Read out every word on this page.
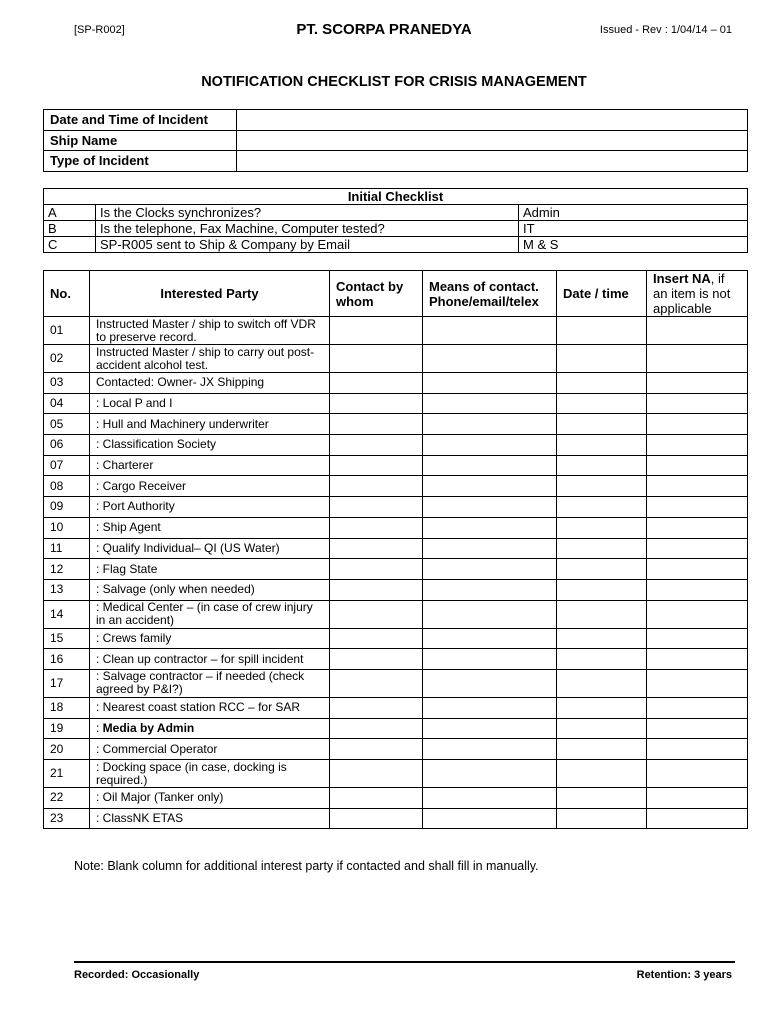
[SP-R002]	PT. SCORPA PRANEDYA	Issued - Rev : 1/04/14 – 01
NOTIFICATION CHECKLIST FOR CRISIS MANAGEMENT
Date and Time of Incident	
Ship Name	
Type of Incident	
Initial Checklist		
A	Is the Clocks synchronizes?	Admin
B	Is the telephone, Fax Machine, Computer tested?	IT
C	SP-R005 sent to Ship & Company by Email	M & S
No.	Interested Party	Contact by whom	Means of contact. Phone/email/telex	Date / time	Insert NA, if an item is not applicable
01	Instructed Master / ship to switch off VDR to preserve record.				
02	Instructed Master / ship to carry out post- accident alcohol test.				
03	Contacted: Owner- JX Shipping				
04	: Local P and I				
05	: Hull and Machinery underwriter				
06	: Classification Society				
07	: Charterer				
08	: Cargo Receiver				
09	: Port Authority				
10	: Ship Agent				
11	: Qualify Individual– QI (US Water)				
12	: Flag State				
13	: Salvage (only when needed)				
14	: Medical Center – (in case of crew injury in an accident)				
15	: Crews family				
16	: Clean up contractor – for spill incident				
17	: Salvage contractor – if needed (check agreed by P&I?)				
18	: Nearest coast station RCC – for SAR				
19	: Media by Admin				
20	: Commercial Operator				
21	: Docking space (in case, docking is required.)				
22	: Oil Major (Tanker only)				
23	: ClassNK ETAS				
Note: Blank column for additional interest party if contacted and shall fill in manually.
Recorded: Occasionally	Retention: 3 years
